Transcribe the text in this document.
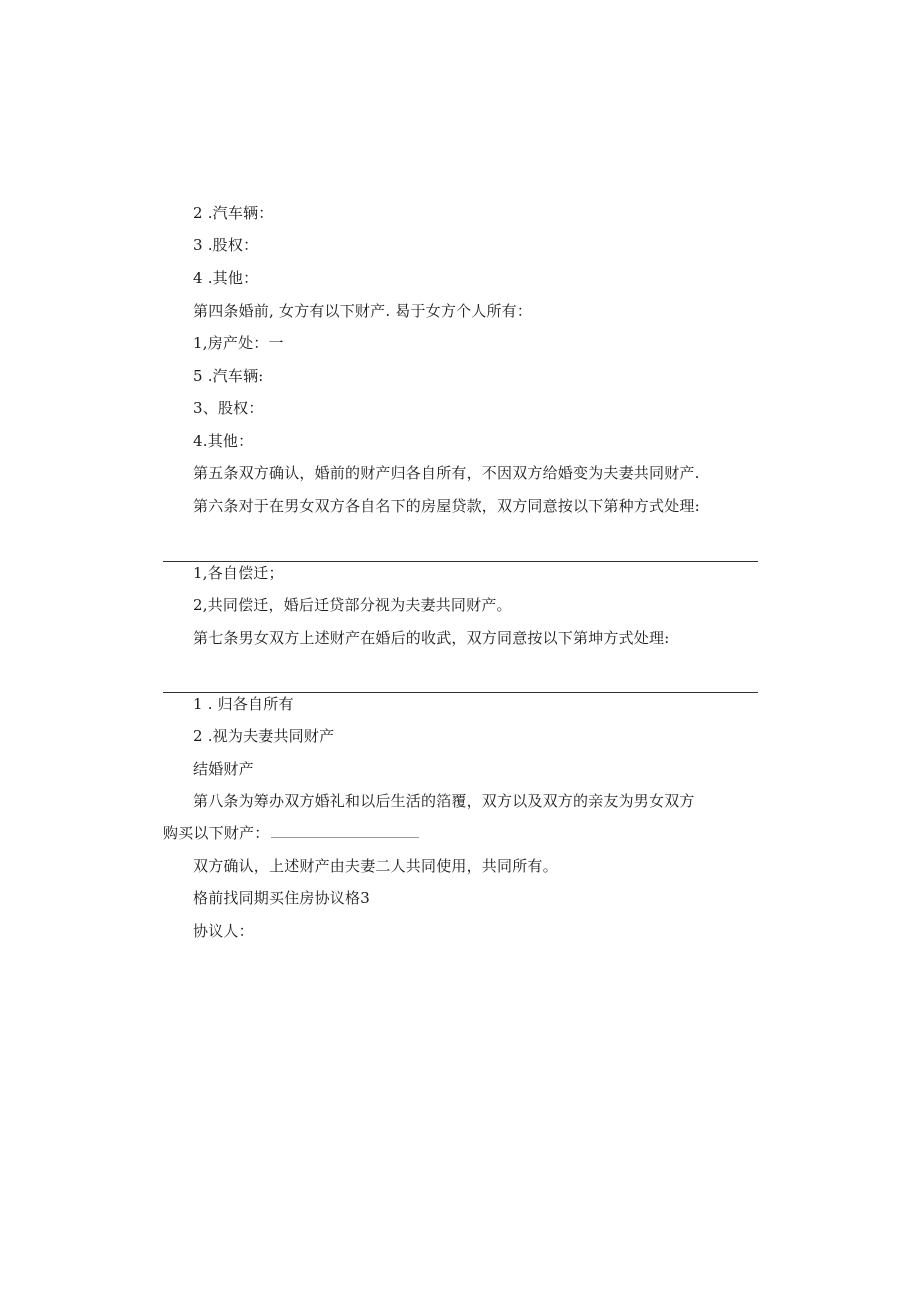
2 .汽车辆：
3 .股权：
4 .其他：
第四条婚前, 女方有以下财产. 曷于女方个人所有：
1,房产处：一
5 .汽车辆:
3、股权：
4.其他：
第五条双方确认，婚前的财产归各自所有，不因双方给婚变为夫妻共同财产.
第六条对于在男女双方各自名下的房屋贷款，双方同意按以下第种方式处理:
1,各自偿迁；
2,共同偿迁，婚后迁贷部分视为夫妻共同财产。
第七条男女双方上述财产在婚后的收武，双方同意按以下第坤方式处理:
1 . 归各自所有
2 .视为夫妻共同财产
结婚财产
第八条为筹办双方婚礼和以后生活的箔覆，双方以及双方的亲友为男女双方
购买以下财产：
双方确认，上述财产由夫妻二人共同使用，共同所有。
格前找同期买住房协议格3
协议人：
